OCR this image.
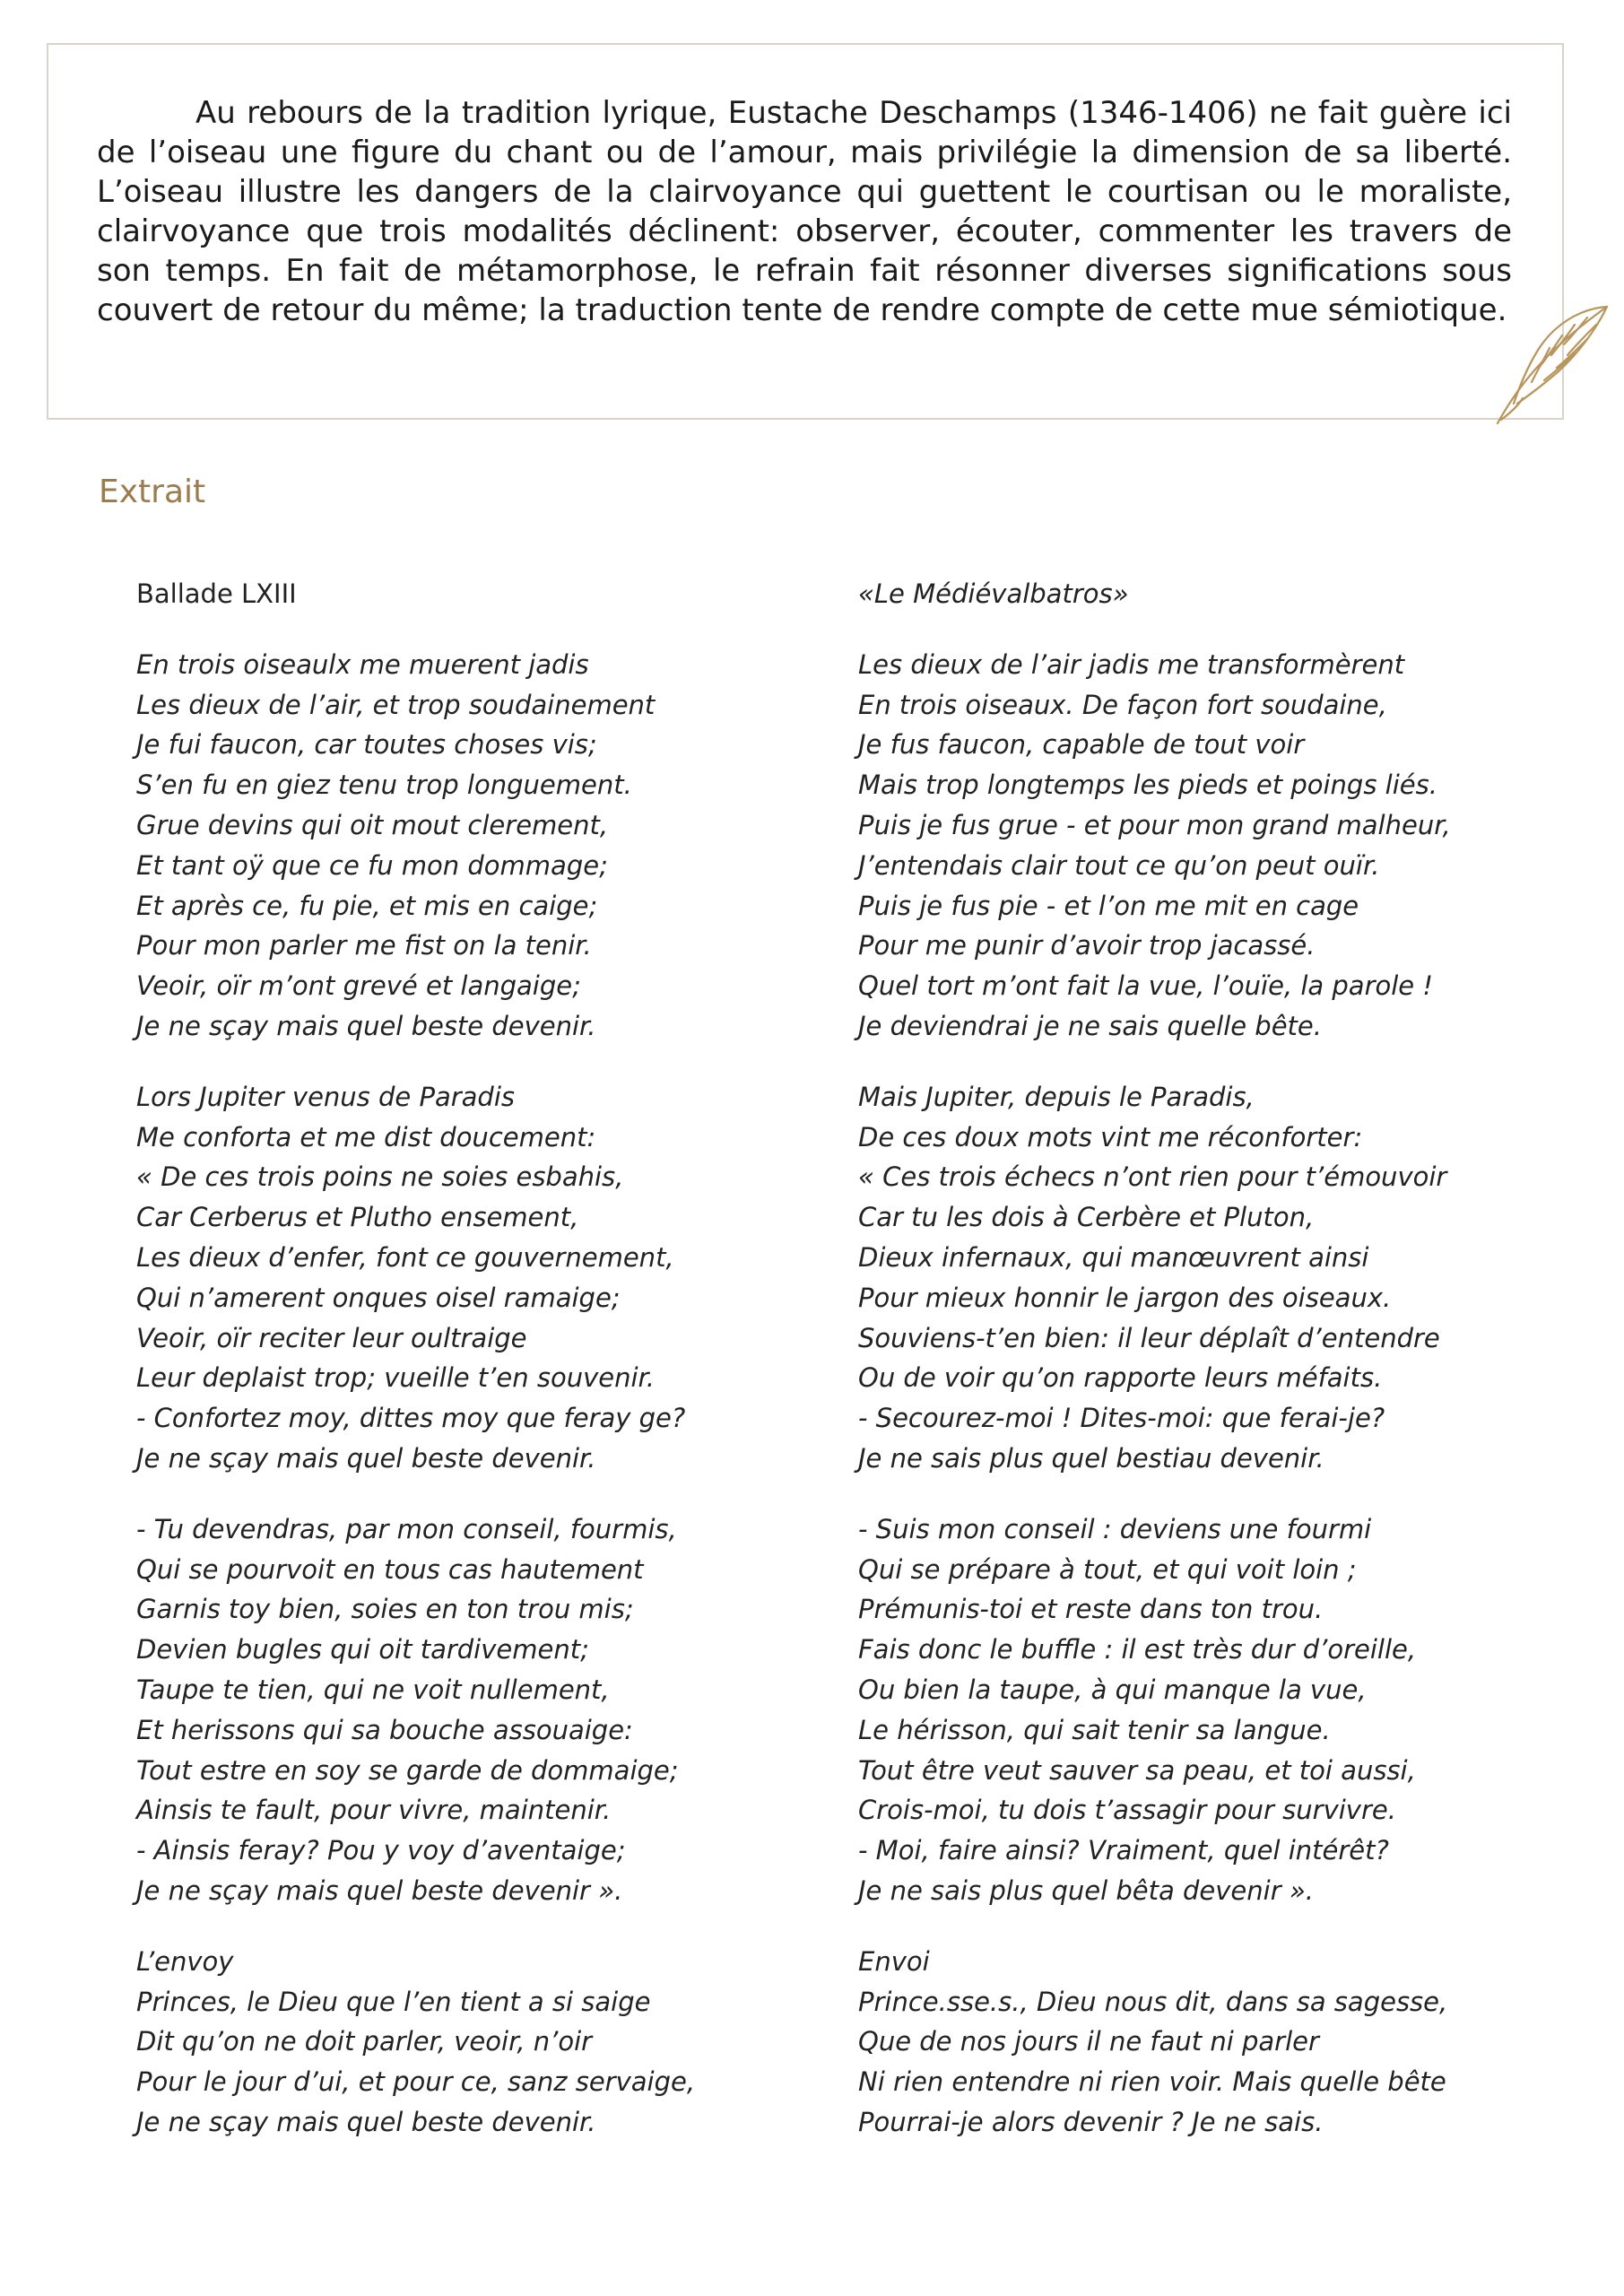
Au rebours de la tradition lyrique, Eustache Deschamps (1346-1406) ne fait guère ici de l’oiseau une figure du chant ou de l’amour, mais privilégie la dimension de sa liberté. L’oiseau illustre les dangers de la clairvoyance qui guettent le courtisan ou le moraliste, clairvoyance que trois modalités déclinent: observer, écouter, commenter les travers de son temps. En fait de métamorphose, le refrain fait résonner diverses significations sous couvert de retour du même; la traduction tente de rendre compte de cette mue sémiotique.

Extrait
Ballade LXIII
En trois oiseaulx me muerent jadis
Les dieux de l’air, et trop soudainement
Je fui faucon, car toutes choses vis;
S’en fu en giez tenu trop longuement.
Grue devins qui oit mout clerement,
Et tant oÿ que ce fu mon dommage;
Et après ce, fu pie, et mis en caige;
Pour mon parler me fist on la tenir.
Veoir, oïr m’ont grevé et langaige;
Je ne sçay mais quel beste devenir.
Lors Jupiter venus de Paradis
Me conforta et me dist doucement:
« De ces trois poins ne soies esbahis,
Car Cerberus et Plutho ensement,
Les dieux d’enfer, font ce gouvernement,
Qui n’amerent onques oisel ramaige;
Veoir, oïr reciter leur oultraige
Leur deplaist trop; vueille t’en souvenir.
- Confortez moy, dittes moy que feray ge?
Je ne sçay mais quel beste devenir.
- Tu devendras, par mon conseil, fourmis,
Qui se pourvoit en tous cas hautement
Garnis toy bien, soies en ton trou mis;
Devien bugles qui oit tardivement;
Taupe te tien, qui ne voit nullement,
Et herissons qui sa bouche assouaige:
Tout estre en soy se garde de dommaige;
Ainsis te fault, pour vivre, maintenir.
- Ainsis feray? Pou y voy d’aventaige;
Je ne sçay mais quel beste devenir ».
L’envoy
Princes, le Dieu que l’en tient a si saige
Dit qu’on ne doit parler, veoir, n’oir
Pour le jour d’ui, et pour ce, sanz servaige,
Je ne sçay mais quel beste devenir.
«Le Médiévalbatros»
Les dieux de l’air jadis me transformèrent
En trois oiseaux. De façon fort soudaine,
Je fus faucon, capable de tout voir
Mais trop longtemps les pieds et poings liés.
Puis je fus grue - et pour mon grand malheur,
J’entendais clair tout ce qu’on peut ouïr.
Puis je fus pie - et l’on me mit en cage
Pour me punir d’avoir trop jacassé.
Quel tort m’ont fait la vue, l’ouïe, la parole !
Je deviendrai je ne sais quelle bête.
Mais Jupiter, depuis le Paradis,
De ces doux mots vint me réconforter:
« Ces trois échecs n’ont rien pour t’émouvoir
Car tu les dois à Cerbère et Pluton,
Dieux infernaux, qui manœuvrent ainsi
Pour mieux honnir le jargon des oiseaux.
Souviens-t’en bien: il leur déplaît d’entendre
Ou de voir qu’on rapporte leurs méfaits.
- Secourez-moi ! Dites-moi: que ferai-je?
Je ne sais plus quel bestiau devenir.
- Suis mon conseil : deviens une fourmi
Qui se prépare à tout, et qui voit loin ;
Prémunis-toi et reste dans ton trou.
Fais donc le buffle : il est très dur d’oreille,
Ou bien la taupe, à qui manque la vue,
Le hérisson, qui sait tenir sa langue.
Tout être veut sauver sa peau, et toi aussi,
Crois-moi, tu dois t’assagir pour survivre.
- Moi, faire ainsi? Vraiment, quel intérêt?
Je ne sais plus quel bêta devenir ».
Envoi
Prince.sse.s., Dieu nous dit, dans sa sagesse,
Que de nos jours il ne faut ni parler
Ni rien entendre ni rien voir. Mais quelle bête
Pourrai-je alors devenir ? Je ne sais.
